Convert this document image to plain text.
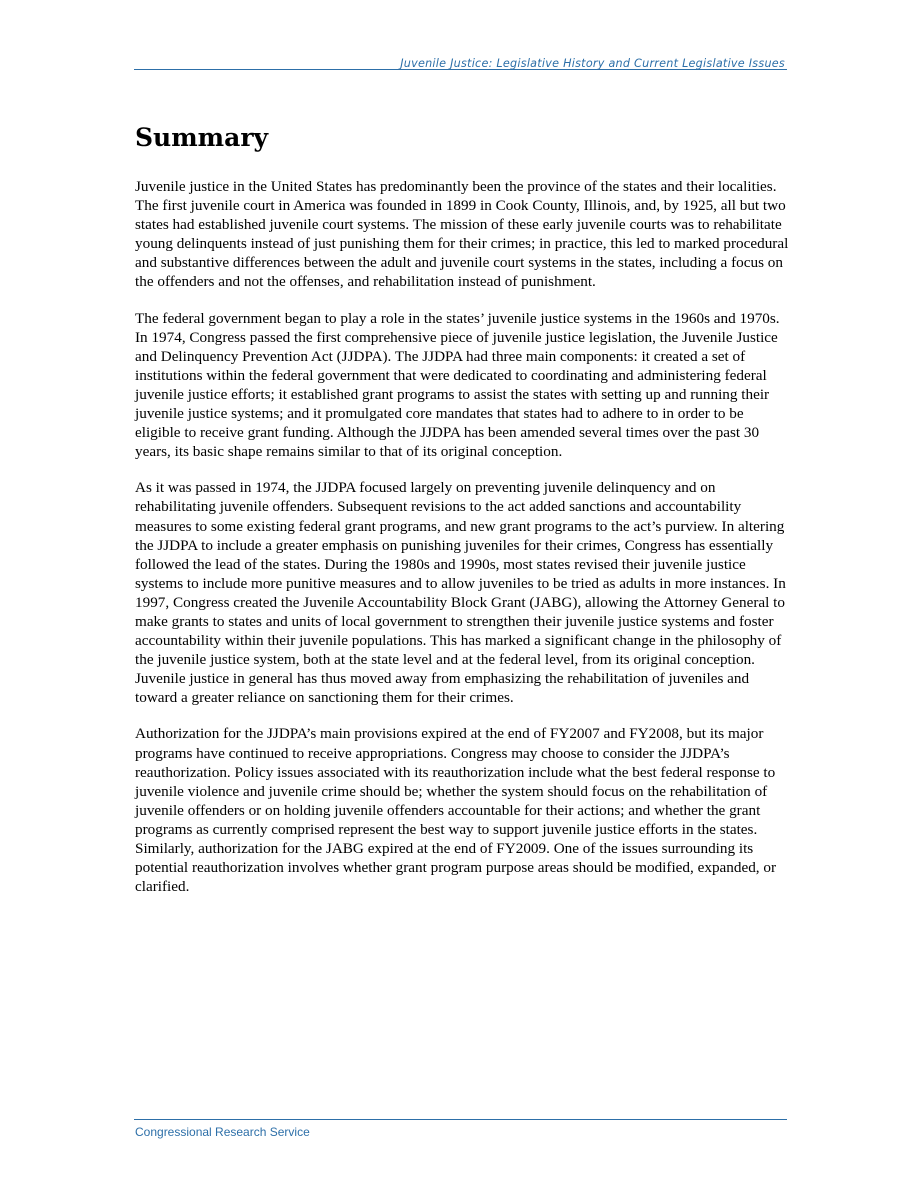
Juvenile Justice: Legislative History and Current Legislative Issues
Summary

Juvenile justice in the United States has predominantly been the province of the states and their localities. The first juvenile court in America was founded in 1899 in Cook County, Illinois, and, by 1925, all but two states had established juvenile court systems. The mission of these early juvenile courts was to rehabilitate young delinquents instead of just punishing them for their crimes; in practice, this led to marked procedural and substantive differences between the adult and juvenile court systems in the states, including a focus on the offenders and not the offenses, and rehabilitation instead of punishment.

The federal government began to play a role in the states’ juvenile justice systems in the 1960s and 1970s. In 1974, Congress passed the first comprehensive piece of juvenile justice legislation, the Juvenile Justice and Delinquency Prevention Act (JJDPA). The JJDPA had three main components: it created a set of institutions within the federal government that were dedicated to coordinating and administering federal juvenile justice efforts; it established grant programs to assist the states with setting up and running their juvenile justice systems; and it promulgated core mandates that states had to adhere to in order to be eligible to receive grant funding. Although the JJDPA has been amended several times over the past 30 years, its basic shape remains similar to that of its original conception.

As it was passed in 1974, the JJDPA focused largely on preventing juvenile delinquency and on rehabilitating juvenile offenders. Subsequent revisions to the act added sanctions and accountability measures to some existing federal grant programs, and new grant programs to the act’s purview. In altering the JJDPA to include a greater emphasis on punishing juveniles for their crimes, Congress has essentially followed the lead of the states. During the 1980s and 1990s, most states revised their juvenile justice systems to include more punitive measures and to allow juveniles to be tried as adults in more instances. In 1997, Congress created the Juvenile Accountability Block Grant (JABG), allowing the Attorney General to make grants to states and units of local government to strengthen their juvenile justice systems and foster accountability within their juvenile populations. This has marked a significant change in the philosophy of the juvenile justice system, both at the state level and at the federal level, from its original conception. Juvenile justice in general has thus moved away from emphasizing the rehabilitation of juveniles and toward a greater reliance on sanctioning them for their crimes.

Authorization for the JJDPA’s main provisions expired at the end of FY2007 and FY2008, but its major programs have continued to receive appropriations. Congress may choose to consider the JJDPA’s reauthorization. Policy issues associated with its reauthorization include what the best federal response to juvenile violence and juvenile crime should be; whether the system should focus on the rehabilitation of juvenile offenders or on holding juvenile offenders accountable for their actions; and whether the grant programs as currently comprised represent the best way to support juvenile justice efforts in the states. Similarly, authorization for the JABG expired at the end of FY2009. One of the issues surrounding its potential reauthorization involves whether grant program purpose areas should be modified, expanded, or clarified.

Congressional Research Service
